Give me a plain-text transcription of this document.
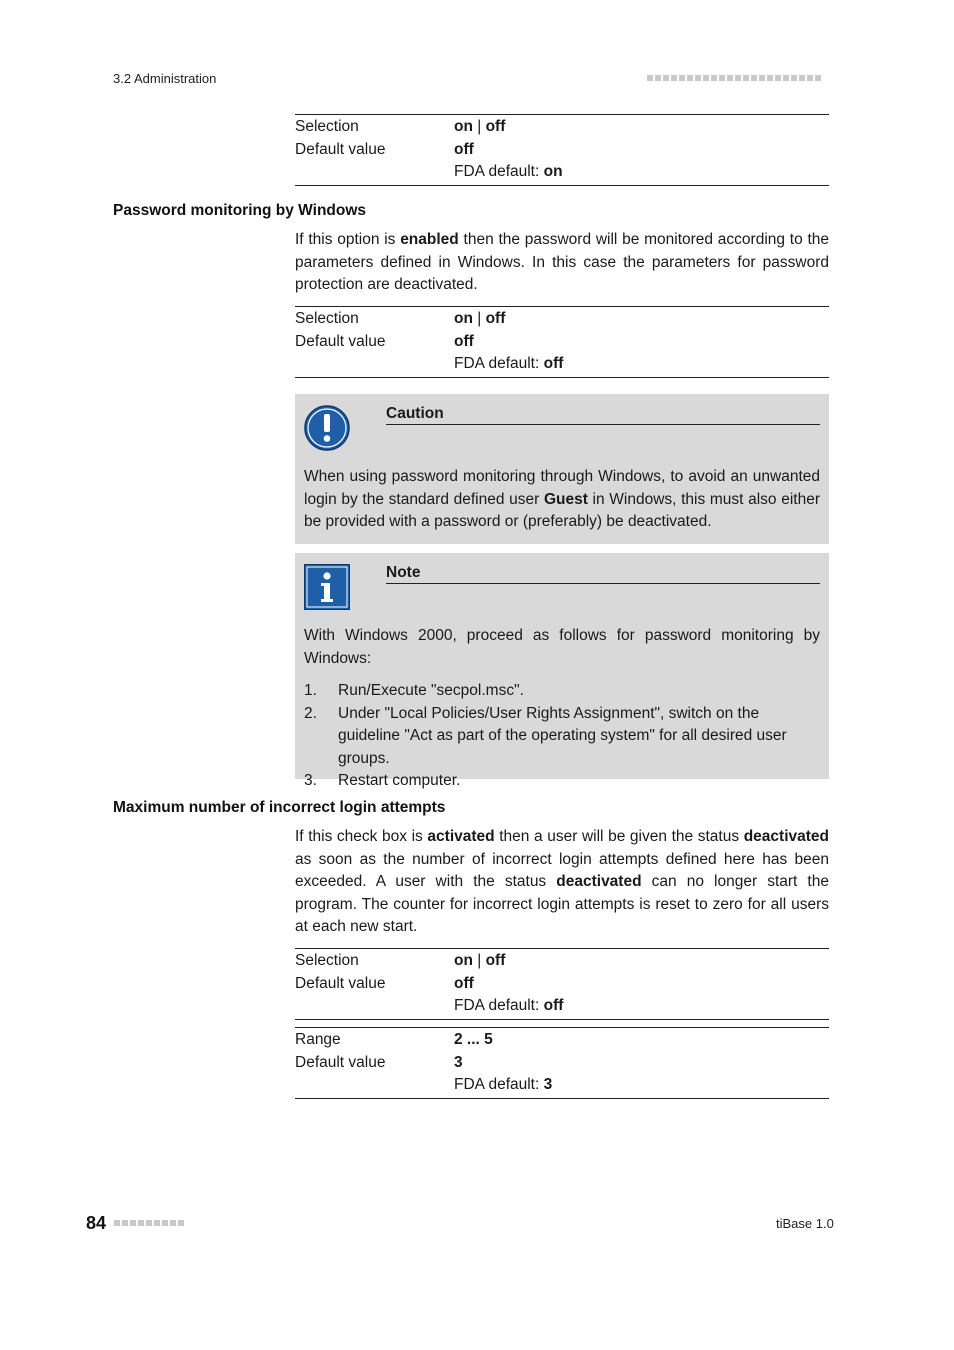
3.2 Administration
Selection	on | off
Default value	off
FDA default: on
Password monitoring by Windows
If this option is enabled then the password will be monitored according to the parameters defined in Windows. In this case the parameters for password protection are deactivated.
Selection	on | off
Default value	off
FDA default: off
Caution
When using password monitoring through Windows, to avoid an unwanted login by the standard defined user Guest in Windows, this must also either be provided with a password or (preferably) be deactivated.
Note
With Windows 2000, proceed as follows for password monitoring by Windows:
1. Run/Execute "secpol.msc".
2. Under "Local Policies/User Rights Assignment", switch on the guideline "Act as part of the operating system" for all desired user groups.
3. Restart computer.
Maximum number of incorrect login attempts
If this check box is activated then a user will be given the status deactivated as soon as the number of incorrect login attempts defined here has been exceeded. A user with the status deactivated can no longer start the program. The counter for incorrect login attempts is reset to zero for all users at each new start.
Selection	on | off
Default value	off
FDA default: off
Range	2 ... 5
Default value	3
FDA default: 3
84	tiBase 1.0
